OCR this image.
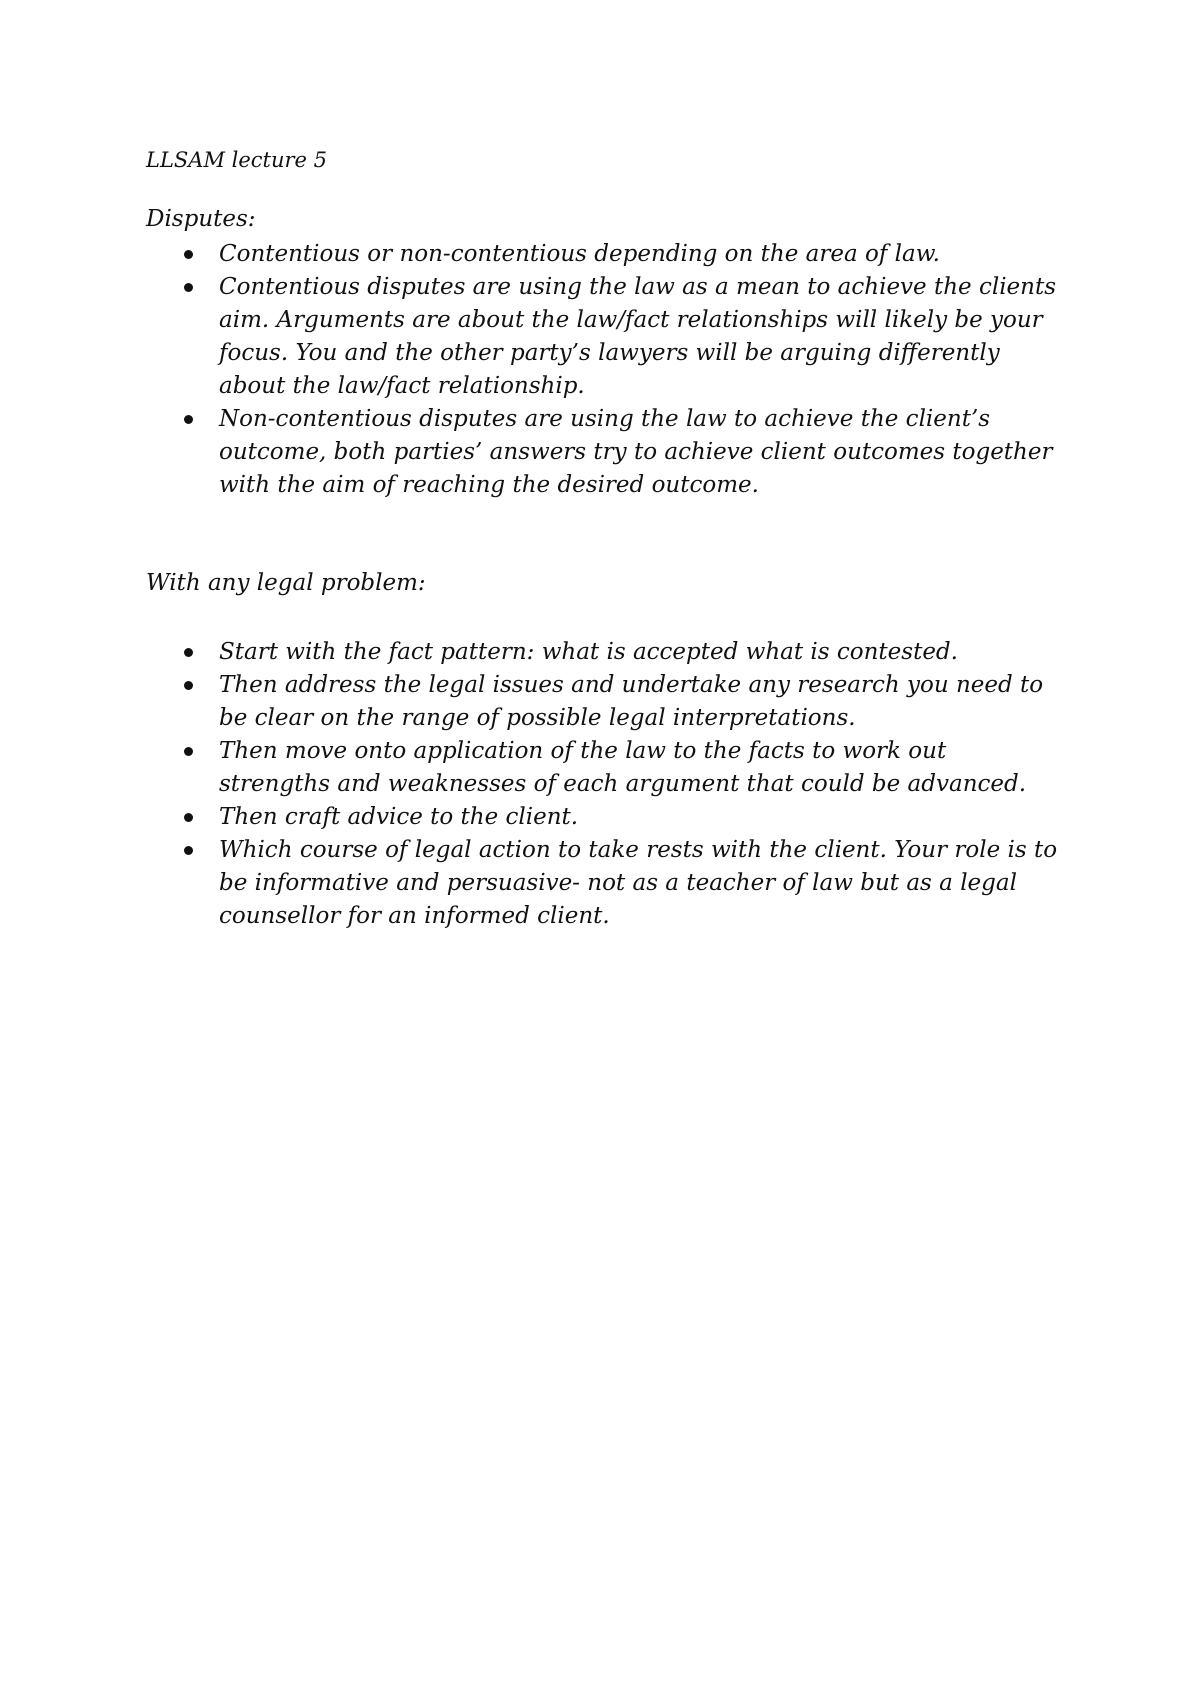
LLSAM lecture 5
Disputes:
Contentious or non-contentious depending on the area of law.
Contentious disputes are using the law as a mean to achieve the clients
aim. Arguments are about the law/fact relationships will likely be your
focus. You and the other party’s lawyers will be arguing differently
about the law/fact relationship.
Non-contentious disputes are using the law to achieve the client’s
outcome, both parties’ answers try to achieve client outcomes together
with the aim of reaching the desired outcome.
With any legal problem:
Start with the fact pattern: what is accepted what is contested.
Then address the legal issues and undertake any research you need to
be clear on the range of possible legal interpretations.
Then move onto application of the law to the facts to work out
strengths and weaknesses of each argument that could be advanced.
Then craft advice to the client.
Which course of legal action to take rests with the client. Your role is to
be informative and persuasive- not as a teacher of law but as a legal
counsellor for an informed client.
